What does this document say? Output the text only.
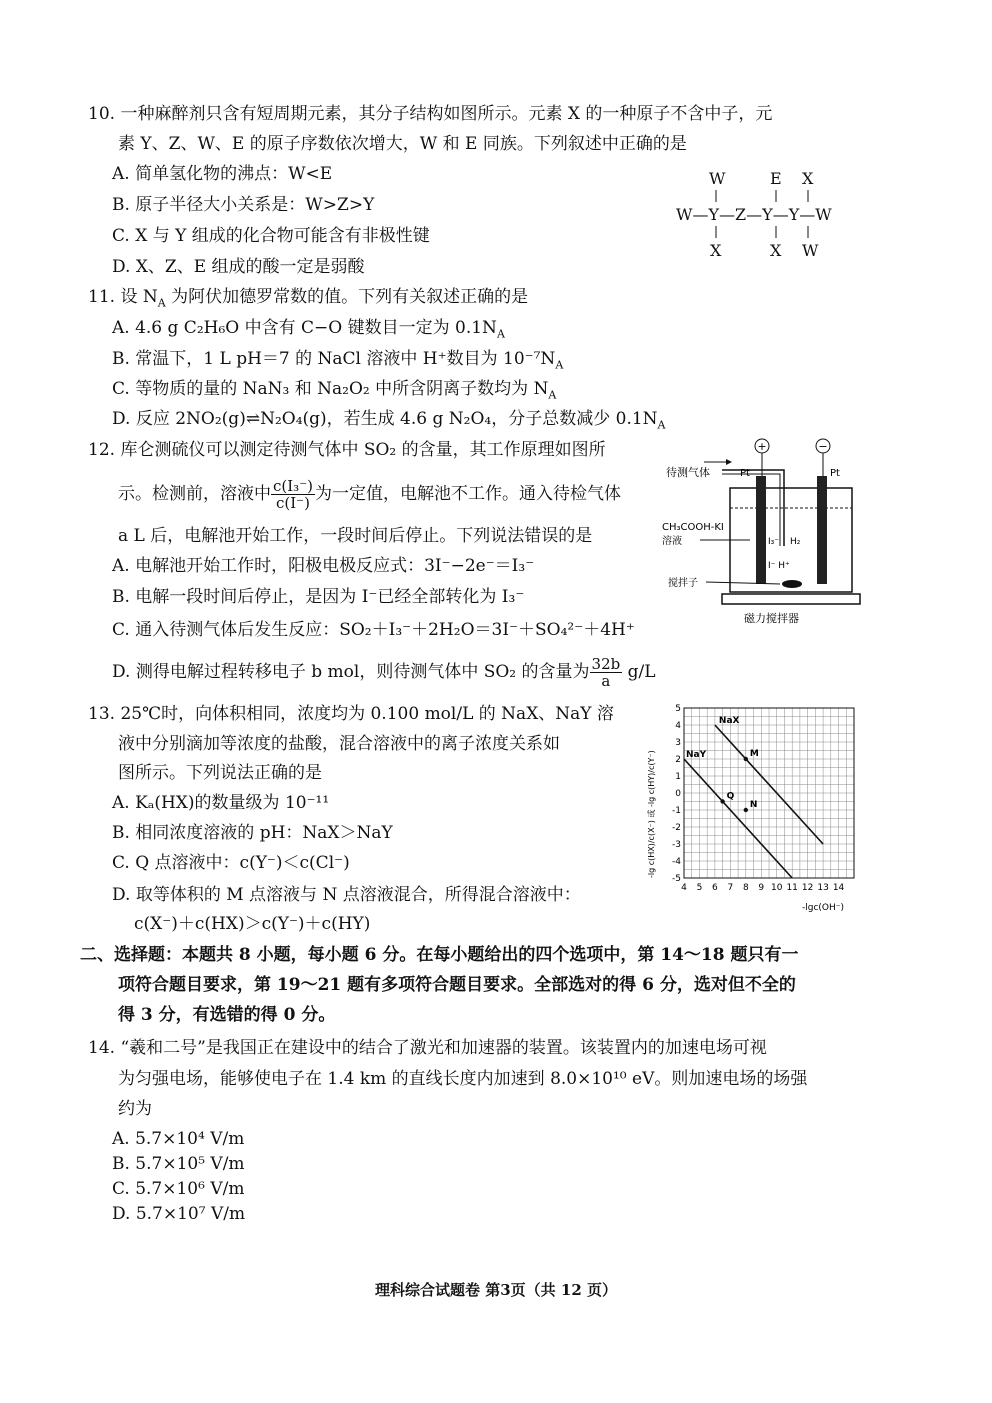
10. 一种麻醉剂只含有短周期元素，其分子结构如图所示。元素 X 的一种原子不含中子，元
素 Y、Z、W、E 的原子序数依次增大，W 和 E 同族。下列叙述中正确的是
A. 简单氢化物的沸点：W<E
B. 原子半径大小关系是：W>Z>Y
C. X 与 Y 组成的化合物可能含有非极性键
D. X、Z、E 组成的酸一定是弱酸
W	E X
W—Y—Z—Y—Y—W
X	X W
11. 设 $N_A$ 为阿伏加德罗常数的值。下列有关叙述正确的是
A. 4.6 g C₂H₆O 中含有 C−O 键数目一定为 $0.1N_A$
B. 常温下，1 L pH＝7 的 NaCl 溶液中 H⁺数目为 $10^{-7}N_A$
C. 等物质的量的 NaN₃ 和 Na₂O₂ 中所含阴离子数均为 $N_A$
D. 反应 2NO₂(g)⇌N₂O₄(g)，若生成 4.6 g N₂O₄，分子总数减少 $0.1N_A$
12. 库仑测硫仪可以测定待测气体中 SO₂ 的含量，其工作原理如图所
示。检测前，溶液中 $\frac{\text{c(I₃⁻)}}{c(I^-)}$ 为一定值，电解池不工作。通入待检气体
a L 后，电解池开始工作，一段时间后停止。下列说法错误的是
A. 电解池开始工作时，阳极电极反应式：3I⁻−2e⁻＝I₃⁻
B. 电解一段时间后停止，是因为 I⁻已经全部转化为 I₃⁻
C. 通入待测气体后发生反应：SO₂＋I₃⁻＋2H₂O＝3I⁻＋SO₄²⁻＋4H⁺
D. 测得电解过程转移电子 b mol，则待测气体中 SO₂ 的含量为 $\frac{32b}{a} g/L$
+	−
待测气体	Pt	Pt
CH₃COOH-KI
溶液	I₃⁻ H₂
I⁻ H⁺
搅拌子
磁力搅拌器
13. 25℃时，向体积相同，浓度均为 0.100 mol/L 的 NaX、NaY 溶
液中分别滴加等浓度的盐酸，混合溶液中的离子浓度关系如
图所示。下列说法正确的是
A. Kₐ(HX)的数量级为 10⁻¹¹
B. 相同浓度溶液的 pH：NaX＞NaY
C. Q 点溶液中：c(Y⁻)＜c(Cl⁻)
D. 取等体积的 M 点溶液与 N 点溶液混合，所得混合溶液中：
c(X⁻)＋c(HX)＞c(Y⁻)＋c(HY)
4 5 6 7 8 9 10 11 12 13 14
5
4
3
2
1
0
-1
-2
-3
-4
-5
NaX
NaY	M
Q
N
-lgc(OH⁻)
-lg c(HX)/c(X⁻) 或 -lg c(HY)/c(Y⁻)
二、选择题：本题共 8 小题，每小题 6 分。在每小题给出的四个选项中，第 14～18 题只有一
项符合题目要求，第 19～21 题有多项符合题目要求。全部选对的得 6 分，选对但不全的
得 3 分，有选错的得 0 分。
14. “羲和二号”是我国正在建设中的结合了激光和加速器的装置。该装置内的加速电场可视
为匀强电场，能够使电子在 1.4 km 的直线长度内加速到 8.0×10¹⁰ eV。则加速电场的场强
约为
A. 5.7×10⁴ V/m
B. 5.7×10⁵ V/m
C. 5.7×10⁶ V/m
D. 5.7×10⁷ V/m
理科综合试题卷 第3页（共 12 页）
